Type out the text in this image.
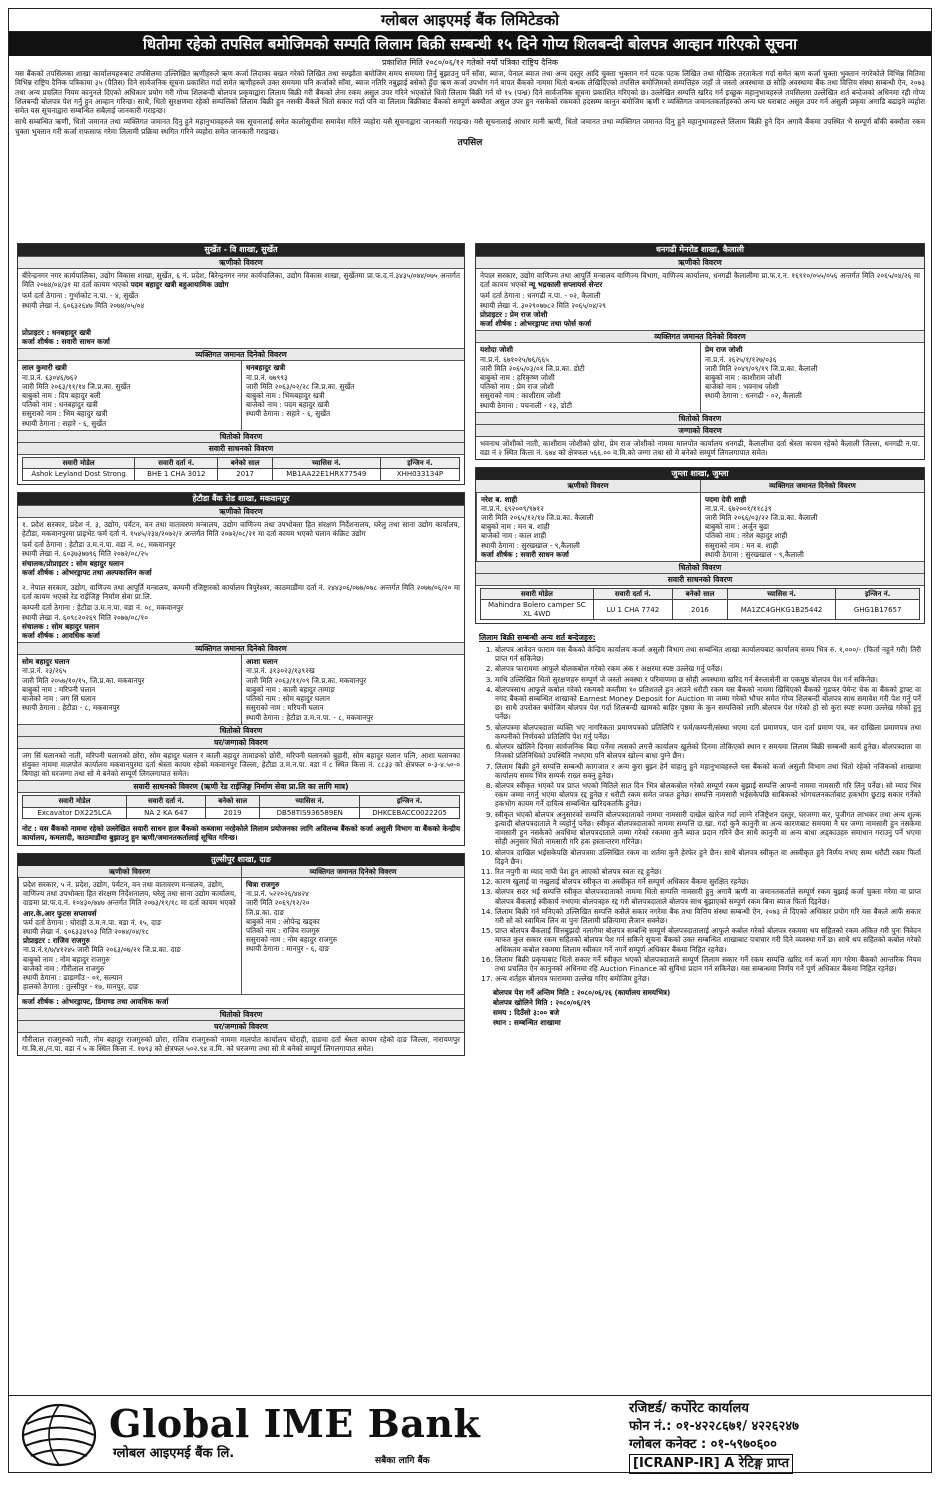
ग्लोबल आइएमई बैंक लिमिटेडको
धितोमा रहेको तपसिल बमोजिमको सम्पति लिलाम बिक्री सम्बन्धी १५ दिने गोप्य शिलबन्दी बोलपत्र आव्हान गरिएको सूचना
प्रकाशित मिति २०८०/०६/१२ गतेको नयाँ पत्रिका राष्ट्रिय दैनिक

यस बैंकको तपसिलका शाखा कार्यालयहरुबाट तपसिलमा उल्लिखित ऋणीहरुले ऋण कर्जा लिदाका बखत गरेको लिखित तथा सम्झौता बमोजिम समय समयमा तिर्नु बुझाउनु पर्ने साँवा, ब्याज, पेनाल ब्याज तथा अन्य दस्तुर आदि चुक्ता भुक्तान गर्न पटक पटक लिखित तथा मौखिक तरताकेता गर्दा समेत ऋण कर्जा चुक्ता भुक्तान नगरेकोले विभिन्न मितिमा विभिन्न राष्ट्रिय दैनिक पत्रिकामा ३५ (पैतिस) दिने सार्वजनिक सूचना प्रकाशित गर्दा समेत ऋणीहरुले उक्त समयमा पनि कर्जाको साँवा, ब्याज नतिरि नबुझाई बसेको हुँदा ऋण कर्जा उपभोग गर्न वापत बैंकको नाममा धितो बन्धक लेखिदिएको तपसिल बमोजिमको सम्पत्तिहरु जहाँ जे जस्तो अवस्थामा छ सोहि अवस्थामा बैंक तथा वित्तिय संस्था सम्बन्धी ऐन, २०७३ तथा अन्य प्रचलित नियम कानुनले दिएको अधिकार प्रयोग गरी गोप्य शिलबन्दी बोलपत्र प्रकृयाद्वारा लिलाम बिक्री गरी बैंकको लेना रकम असुल उपर गरिने भएकोले धितो लिलाम बिक्री गर्न यो १५ (पन्ध्र) दिने सार्वजनिक सूचना प्रकाशित गरिएको छ। उल्लेखित सम्पत्ति खरिद गर्न इच्छुक महानुभावहरुले तपसिलमा उल्लेखित शर्त बन्देजको अधिनमा रही गोप्य शिलबन्दी बोलपत्र पेश गर्नु हुन आव्हान गरिन्छ। साथै, धितो सुरक्षणमा रहेको सम्पत्तिको लिलाम बिक्री हुन नसकी बैंकले धितो सकार गर्दा पनि वा लिलाम बिक्रीबाट बैंकको सम्पूर्ण बक्यौता असुल उपर हुन नसकेको रकमको हदसम्म कानुन बमोजिम ऋणी र व्यक्तिगत जमानतकर्ताहरुको अन्य घर घराबाट असुल उपर गर्न असुली प्रकृया अगाडि बढाइने व्यहोरा समेत यस सूचनाद्वारा सम्बन्धित सबैलाई जानकारी गराइन्छ।

साथै सम्बन्धित ऋणी, धितो जमानत तथा व्यक्तिगत जमानत दिनु हुने महानुभावहरुले यस सूचनालाई समेत कालोसूचीमा समावेश गरिने व्यहोरा यसै सूचनाद्वारा जानकारी गराइन्छ। यसै सूचनालाई आधार मानी ऋणी, धितो जमानत तथा व्यक्तिगत जमानत दिनु हुने महानुभावहरुले लिलाम बिक्री हुने दिन अगावै बैंकमा उपस्थित भै सम्पूर्ण बाँकी बक्यौता रकम चुक्ता भुक्तान गरी कर्जा राफसाफ गरेमा लिलामी प्रक्रिया स्थगित गरिने व्यहोरा समेत जानकारी गराइन्छ।

तपसिल
सुर्खेत - वि शाखा, सुर्खेत
ऋणीको विवरण

बीरेन्द्रनगर नगर कार्यपालिका, उद्योग विकास शाखा, सुर्खेत, ६ नं. प्रदेश, बिरेन्द्रनगर नगर कार्यपालिका, उद्योग विकास शाखा, सुर्खेतमा प्रा.फ.द.नं.३४३५/०७४/०७५ अन्तर्गत मिति २०७४/०४/३१ मा दर्ता कायम भएको पदम बहादुर खत्री बहुआयामिक उद्योग

फर्म दर्ता ठेगाना : गुर्भाकोट न.पा. - ४, सुर्खेत
स्थायी लेखा नं. ६०६३२६४७ मिति २०७४/०५/०४
प्रोप्राइटर : धनबहादुर खत्री
कर्जा शीर्षक : सवारी साधन कर्जा
व्यक्तिगत जमानत दिनेको विवरण
लाल कुमारी खत्री
ना.प्र.नं. ६३०४६/७६२
जारी मिति २०६३/११/१४ जि.प्र.का. सुर्खेत
बाबुको नाम : दिप बहादुर बली
पतिको नाम : धनबहादुर खत्री
ससुराको नाम : भिम बहादुर खत्री
स्थायी ठेगाना : सहारे - ६, सुर्खेत
धनबहादुर खत्री
ना.प्र.नं. ७७९९३
जारी मिति २०६३/०२/२८ जि.प्र.का. सुर्खेत
बाबुको नाम : भिमबहादुर खत्री
बाजेको नाम : पदम बहादुर खत्री
स्थायी ठेगाना : सहारे - ६, सुर्खेत
धितोको विवरण
सवारी साधनको विवरण
सवारी मोडेल	सवारी दर्ता नं.	बनेको साल	च्यासिस नं.	इन्जिन नं.
Ashok Leyland Dost Strong	BHE 1 CHA 3012	2017	MB1AA22E1HRX77549	XHH033134P
हेटौडा बैंक रोड शाखा, मकवानपुर
ऋणीको विवरण

१. प्रदेश सरकार, प्रदेश नं. ३, उद्योग, पर्यटन, वन तथा वातावरण मन्त्रालय, उद्योग वाणिज्य तथा उपभोक्ता हित संरक्षण निर्देशनालय, घरेलु तथा साना उद्योग कार्यालय, हेटौडा, मकवानपुरमा प्राइभेट फर्म दर्ता नं. १५४५/२३४/२०७२/२ अन्तर्गत मिति २०७२/०८/२१ मा दर्ता कायम भएको घलान कंक्रिट उद्योग

फर्म दर्ता ठेगाना : हेटौडा उ.म.न.पा. वडा नं. ०८, मकवानपुर
स्थायी लेखा नं. ६०३७३७७९६ मिति २०७२/०८/२५
संचालक/प्रोप्राइटर : सोम बहादुर घलान
कर्जा शीर्षक : ओभरड्राफ्ट तथा अल्पकालिन कर्जा

२. नेपाल सरकार, उद्योग, वाणिज्य तथा आपूर्ति मन्त्रालय, कम्पनी रजिष्ट्रारको कार्यालय त्रिपुरेश्वर, काठमाडौंमा दर्ता नं. २४४३०६/०७७/०७८ अन्तर्गत मिति २०७७/०६/२० मा दर्ता कायम भएको रेड राईजिङ्ग निर्माण सेवा प्रा.लि.

कम्पनी दर्ता ठेगाना : हेटौडा उ.म.न.पा. वडा नं. ०८, मकवानपुर
स्थायी लेखा नं. ६०९८२०२६९ मिति २०७७/०८/१०
संचालक : सोम बहादुर घलान
कर्जा शीर्षक : आवधिक कर्जा
व्यक्तिगत जमानत दिनेको विवरण
सोम बहादुर घलान
ना.प्र.नं. २३/२६५
जारी मिति २०५७/१०/१५, जि.प्र.का. मकवानपुर
बाबुको नाम : मरिपनी घलान
बाजेको नाम : जग सिं घलान
स्थायी ठेगाना : हेटौडा - ८, मकवानपुर
आशा घलान
ना.प्र.नं. ३१३०२३/१३९२ख
जारी मिति २०६३/११/०९ जि.प्र.का. मकवानपुर
बाबुको नाम : काली बहादुर तामाङ
पतिको नाम : सोम बहादुर घलान
ससुराको नाम : मरिपनी घलान
स्थायी ठेगाना : हेटौडा उ.म.न.पा. - ८, मकवानपुर
धितोको विवरण
घर/जग्गाको विवरण
जग सिं घलानको नाती, मरिपनी घलानको छोरा, सोम बहादुर घलान र काली बहादुर तामाङको छोरी, मरिपनी घलानको बुहारी, सोम बहादुर घलान पत्नि, आशा घलानका संयुक्त नाममा मालपोत कार्यालय मकवानपुरमा दर्ता श्रेस्ता कायम रहेको मकवानपुर जिल्ला, हेटौडा उ.म.न.पा. वडा नं ८ स्थित कित्ता नं. ८८३३ को क्षेत्रफल ०-३-४.५०-० बिगाहा को घरजग्गा तथा सो मे बनेको सम्पूर्ण लिगलगापात समेत।
सवारी साधनको विवरण (ऋणी रेड राईजिङ्ग निर्माण सेवा प्रा.लि का लागि मात्र)
सवारी मोडेल	सवारी दर्ता नं.	बनेको साल	च्यासिस नं.	इन्जिन नं.
Excavator DX225LCA	NA 2 KA 647	2019	DB58TIS936589EN	DHKCEBACC0022205
नोट : यस बैंकको नाममा रहेको उल्लेखित सवारी साधन हाल बैंकको कब्जामा नरहेकोले लिलाम प्रयोजनका लागि अविलम्ब बैंकको कर्जा असुली विभाग वा बैंकको केन्द्रीय कार्यालय, कमलादी, काठमाडौंमा बुझाउनु हुन ऋणी/जमानतकर्तालाई सूचित गरिन्छ।
तुल्सीपुर शाखा, दाङ
ऋणीको विवरण	व्यक्तिगत जमानत दिनेको विवरण

प्रदेश सरकार, ५ नं. प्रदेश, उद्योग, पर्यटन, वन तथा वातावरण मन्त्रालय, उद्योग, वाणिज्य तथा उपभोक्ता हित संरक्षण निर्देशनालय, घरेलु तथा साना उद्योग कार्यालय, दाङमा प्रा.फ.द.नं. १०४३०/७४७ अन्तर्गत मिति २०७३/११/१८ मा दर्ता कायम भएको

आर.के.आर फुटस सप्लायर्स
फर्म दर्ता ठेगाना : घोराही उ.म.न.पा. वडा नं. १५, दाङ
स्थायी लेखा नं. ६०६३३४९०३ मिति २०७४/०४/१८
प्रोप्राइटर : राजिव राजगुरु
ना.प्र.नं.१/७/४१२४५ जारी मिति २०६३/०७/२१ जि.प्र.का. दाङ
बाबुको नाम : नोम बहादुर राजगुरु
बाजेको नाम : गौरीलाल राजगुरु
स्थायी ठेगाना : ढाडागाँउ - ०१, सल्यान
हालको ठेगाना : तुल्सीपुर - १७, मानपुर, दाङ
चित्रा राजगुरु
ना.प्र.नं. ५२२०२६/४४२४
जारी मिति २०६९/१२/२०
जि.प्र.का. दाङ
बाबुको नाम : ओपेन्द्र खड्का
पतिको नाम : राजिव राजगुरु
ससुराको नाम : नोम बहादुर राजगुरु
स्थायी ठेगाना : मानपुर - ६, दाङ
कर्जा शीर्षक : ओभरड्राफ्ट, डिमाण्ड तथा आवधिक कर्जा
धितोको विवरण
घर/जग्गाको विवरण
गौरीलाल राजगुरुको नाती, नोम बहादुर राजगुरुको छोरा, राजिव राजगुरुको नाममा मालपोत कार्यालय घोराही, दाङमा दर्ता श्रेस्ता कायम रहेको दाङ जिल्ला, नारायणपुर गा.बि.स./न.पा. वडा नं ५ क स्थित कित्ता नं. १७९३ को क्षेत्रफल ५०२.९४ व.मि. को घरजग्गा तथा सो मे बनेको सम्पूर्ण लिगलगापात समेत।
धनगढी मेनरोड शाखा, कैलाली
ऋणीको विवरण

नेपाल सरकार, उद्योग वाणिज्य तथा आपुर्ति मन्त्रालय वाणिज्य विभाग, वाणिज्य कार्यालय, धनगढी कैलालीमा प्रा.फ.र.न. १६९१०/०५५/०५६ अन्तर्गत मिति २०६५/०४/२६ मा दर्ता कायम भएको न्यू भद्रकाली सप्लायर्स सेन्टर

फर्म दर्ता ठेगाना : धनगढी न.पा. - ०२, कैलाली
स्थायी लेखा नं. ३०२९०७७८२ मिति २०६५/०४/२९
प्रोप्राइटर : प्रेम राज जोशी
कर्जा शीर्षक : ओभरड्राफ्ट तथा फोर्स कर्जा
व्यक्तिगत जमानत दिनेको विवरण
यशोदा जोशी
ना.प्र.नं. ६७१०२५/७६/६६५
जारी मिति २०६५/०३/०१ जि.प्र.का. डोटी
बाबुको नाम : हरिकृष्ण जोशी
पतिको नाम : प्रेम राज जोशी
ससुराको नाम : काशीराम जोशी
स्थायी ठेगाना : पचनाली - १३, डोटी
प्रेम राज जोशी
ना.प्र.नं. २६२५/१/१२७/०३६
जारी मिति २०४९/०९/१९ जि.प्र.का. कैलाली
बाबुको नाम : काशीराम जोशी
बाजेको नाम : भवनाथ जोशी
स्थायी ठेगाना : धनगढी - ०२, कैलाली
धितोको विवरण
जग्गाको विवरण
भवनाथ जोशीको नाती, काशीराम जोशीको छोरा, प्रेम राज जोशीको नाममा मालपोत कार्यालय धनगढी, कैलालीमा दर्ता श्रेस्ता कायम रहेको कैलाली जिल्ला, धनगढी न.पा. वडा नं २ स्थित कित्ता नं. ६७४ को क्षेत्रफल ५६६.०० व.मि.को जग्गा तथा सो मे बनेको सम्पूर्ण लिगलगापात समेत।
जुम्ला शाखा, जुम्ला
ऋणीको विवरण	व्यक्तिगत जमानत दिनेको विवरण
नरेश ब. शाही
ना.प्र.नं. ६९२००९/९७१२
जारी मिति २०६५/१२/१४ जि.प्र.का. कैलाली
बाबुको नाम : मन ब. शाही
बाजेको नाम : काल शाही
स्थायी ठेगाना : सुरखखाल - ९,कैलाली
कर्जा शीर्षक : सवारी साधन कर्जा
पदमा देवी शाही
ना.प्र.नं. ६७२००१/११८३९
जारी मिति २०६६/०३/२२ जि.प्र.का. कैलाली
बाबुको नाम : अर्जुन बुढा
पतिको नाम : नरेश बहादुर शाही
ससुराको नाम : मन ब. शाही
स्थायी ठेगाना : सुरखखाल - ९,कैलाली
धितोको विवरण
सवारी साधनको विवरण
सवारी मोडेल	सवारी दर्ता नं.	बनेको साल	च्यासिस नं.	इन्जिन नं.
Mahindra Bolero camper SC XL 4WD	LU 1 CHA 7742	2016	MA1ZC4GHKG1B25442	GHG1B17657
लिलाम बिक्री सम्बन्धी अन्य शर्त बन्देजहरु:
1. बोलपत्र आवेदन फाराम यस बैंकको केन्द्रिय कार्यालय कर्जा असुली विभाग तथा सम्बन्धित शाखा कार्यालयबाट कार्यालय समय भित्र रु. १,०००/- (फिर्ता नहुने गरी) तिरी प्राप्त गर्न सकिनेछ।
2. बोलपत्र फाराममा आफुले बोलकबोल गरेको रकम अंक र अक्षरमा स्पष्ट उल्लेख गर्नु पर्नेछ।
3. माथि उल्लिखित धितो सुरक्षणहरु सम्पूर्ण जे जस्तो अवस्था र परिमाणमा छ सोही अवस्थामा खरिद गर्न बेरुलासेनी वा एकमुष्ठ बोलपत्र पेश गर्न सकिनेछ।
4. बोलपत्रसाथ आफुले कबोल गरेको रकमको कम्तीमा १० प्रतिशतले हुन आउने धरौटी रकम यस बैंकको नाममा खिचिएको बैंकको गुडफर पेमेन्ट चेक वा बैंकको ड्राफ्ट वा नगद बैंकको सम्बन्धित शाखाको Earnest Money Deposit for Auction मा जम्मा गरेको भौचर समेत गोप्य शिलबन्दी बोलपत्र साथ समावेश गरी पेश गर्नु पर्ने छ। साथै उपरोक्त बमोजिम बोलपत्र पेश गर्दा शिलबन्दी खामको बाहिर पृष्ठमा के कुन सम्पत्तिको लागि बोलपत्र पेश गरेको हो सो कुरा स्पष्ट रुपमा उल्लेख गरेको हुनु पर्नेछ।
5. बोलपत्रमा बोलपत्रदाता व्यक्ति भए नागरिकता प्रमाणपत्रको प्रतिलिपि र फर्म/कम्पनी/संस्था भएमा दर्ता प्रमाणपत्र, पान दर्ता प्रमाण पत्र, कर दाखिला प्रमाणपत्र तथा कम्पनीको निर्णयको प्रतिलिपि पेश गर्नु पर्नेछ।
6. बोलपत्र खोलिने दिनमा सार्वजनिक बिदा पर्नेमा त्यसको लगत्तै कार्यालय खुलेको दिनमा तोकिएको स्थान र समयमा लिलाम बिक्री सम्बन्धी कार्य हुनेछ। बोलपत्रदाता वा निजको प्रतिनिधिको उपस्थिति नभएमा पनि बोलपत्र खोल्न बाधा पुग्ने छैन।
7. लिलाम बिक्री हुने सम्पत्ति सम्बन्धी कागजात र अन्य कुरा बुझ्न हेर्न चाहानु हुने महानुभावहरुले यस बैंकको कर्जा असुली विभाग तथा धितो रहेको नजिकको शाखामा कार्यालय समय भित्र सम्पर्क राख्न सक्नु हुनेछ।
8. बोलपत्र स्वीकृत भएको पत्र प्राप्त भएको मितिले सात दिन भित्र बोलकबोल गरेको सम्पूर्ण रकम बुझाई सम्पत्ति आफ्नो नाममा नामसारी गरि लिनु पर्नेछ। सो म्याद भित्र रकम जम्मा नगर्नु भएमा बोलपत्र रद्द हुनेछ र धरौटी रकम समेत जफत हुनेछ। सम्पत्ति नामसारी भईसकेपछि साबिकको भोगचलनकर्ताबाट हकभोग छुटाइ सकार गर्नेको हकभोग कायम गर्ने दायित्व सम्बन्धित खरिदकर्ताकै हुनेछ।
9. स्वीकृत भएको बोलपत्र अनुसारको सम्पत्ति बोलपत्रदाताको नाममा नामसारी दाखेल खारेज गर्दा लाग्ने रजिष्ट्रेशन दस्तुर, घरजग्गा कर, पूजीगत लाभकर तथा अन्य शुल्क इत्यादी बोलपत्रदाताले नै व्यहोर्नु पर्नेछ। स्वीकृत बोलपत्रदाताको नाममा सम्पत्ति दा.खा. गर्दा कुनै कानुनी वा अन्य कारणबाट समयमा नै घर जग्गा नामसारी हुन नसकेमा नामसारी हुन नसकेको अवधिमा बोलपत्रदाताले जम्मा गरेको रकममा कुनै ब्याज प्रदान गरिने छैन साथै कानुनी वा अन्य बाधा अड्काउहरु समाधान गराउनु पर्ने भएमा सोही अनुसार धितो नामसारी गरि हक हस्तान्तरण गरिनेछ।
10. बोलपत्र दाखिल भईसकेपछि बोलपत्रमा उल्लिखित रकम वा शर्तमा कुनै हेरफेर हुने छैन। साथै बोलपत्र स्वीकृत वा अस्वीकृत हुने निर्णय नभए सम्म धरौटी रकम फिर्ता दिइने छैन।
11. रित नपुगी वा म्याद नाघी पेश हुन आएको बोलपत्र स्वतः रद्द हुनेछ।
12. कारण खुलाई वा नखुलाई बोलपत्र स्वीकृत वा अस्वीकृत गर्ने सम्पूर्ण अधिकार बैंकमा सुरक्षित रहनेछ।
13. बोलपत्र सदर भई सम्पत्ति स्वीकृत बोलपत्रदाताको नाममा धितो सम्पत्ति नामसारी हुनु अगावै ऋणी वा जमानतकर्ताले सम्पूर्ण रकम बुझाई कर्जा चुक्ता गरेमा वा प्राप्त बोलपत्र बैंकलाई स्वीकार्य नभएमा बोलपत्रहरु रद्द गरी बोलपत्रदाताले बोलपत्र साथ बुझाएको सम्पूर्ण रकम बिना ब्याज फिर्ता दिइनेछ।
14. लिलाम बिक्री गर्न मनिएको उल्लिखित सम्पत्ति कसैले सकार नगरेमा बैंक तथा वित्तिय संस्था सम्बन्धी ऐन, २०७३ ले दिएको अधिकार प्रयोग गरि यस बैंकले आफैं सकार गरी सो को स्वामित्व लिन वा पुनः लिलामी प्रक्रियामा लैजान सक्नेछ।
15. प्राप्त बोलपत्र बैंकलाई चित्तबुझदो नलागेमा बोलपत्र सम्बन्धि सम्पूर्ण बोलपत्रदातालाई आफुले कबोल गरेको बोलपत्र रकममा थप सहितको रकम अंकित गरी पुनः निवेदन माफत कुल सकार रकम सहितको बोलपत्र पेश गर्न सकिने सूचना बैंकको उक्त सम्बन्धित शाखाबाट पत्राचार गरी दिने व्यवस्था गर्ने छ। साथै थप सहितको कबोल गरेको अधिकतम कबोल रकममा लिलाम स्वीकार गर्ने नगर्ने सम्पूर्ण अधिकार बैंकमा निहित रहनेछ।
16. लिलाम बिक्री प्रकृयाबाट धितो सकार गर्ने स्वीकृत भएको बोलपत्रदाताले सम्पूर्ण लिलाम सकार गर्ने रकम सम्पत्ति खरिद गर्न कर्जा माग गरेमा बैंकको आन्तरिक नियम तथा प्रचलित ऐन कानुनको अधिनमा रहि Auction Finance को सुविधा प्रदान गर्न सकिनेछ। यस सम्बन्धमा निर्णय गर्ने पूर्ण अधिकार बैंकमा निहित रहनेछ।
17. अन्य शर्तहरु बोलपत्र फाराममा उल्लेख गरिए बमोजिम हुनेछ।
बोलपत्र पेश गर्ने अन्तिम मिति : २०८०/०६/२६ (कार्यालय समयभित्र)
बोलपत्र खोलिने मिति : २०८०/०६/२९
समय : दिउँसो ३:०० बजे
स्थान : सम्बन्धित शाखामा
Global IME Bank
ग्लोबल आइएमई बैंक लि.	सबैका लागि बैंक
रजिष्टर्ड/ कर्पोरेट कार्यालय
फोन नं.: ०१-४२२८६७१/ ४२२६२४७
ग्लोबल कनेक्ट : ०१-५९७०६००
[ICRANP-IR] A रेटिङ्ग प्राप्त
